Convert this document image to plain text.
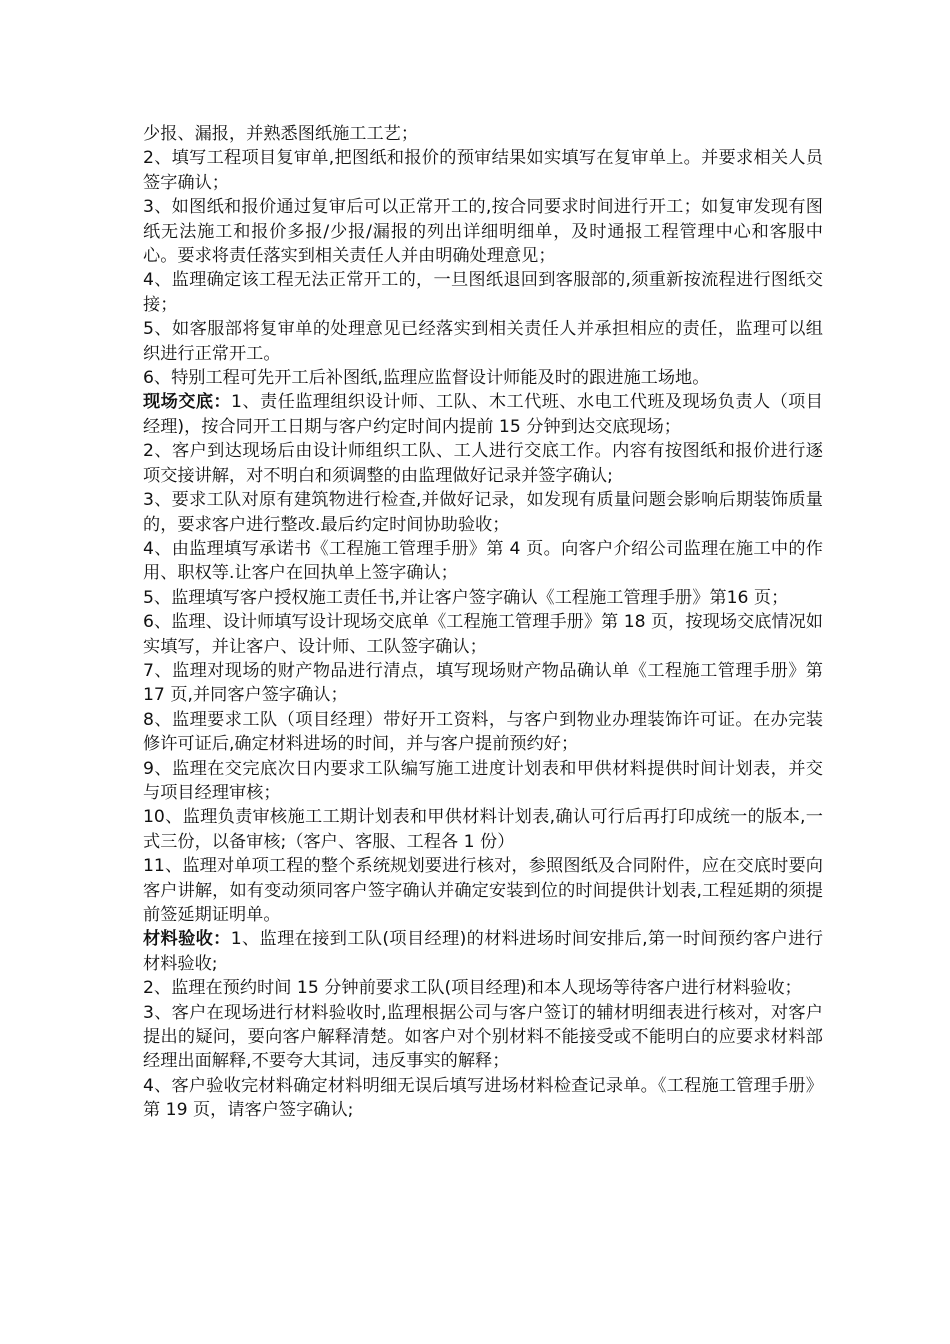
少报、漏报，并熟悉图纸施工工艺；

2、填写工程项目复审单,把图纸和报价的预审结果如实填写在复审单上。并要求相关人员签字确认；

3、如图纸和报价通过复审后可以正常开工的,按合同要求时间进行开工；如复审发现有图纸无法施工和报价多报/少报/漏报的列出详细明细单，及时通报工程管理中心和客服中心。要求将责任落实到相关责任人并由明确处理意见；

4、监理确定该工程无法正常开工的，一旦图纸退回到客服部的,须重新按流程进行图纸交接；

5、如客服部将复审单的处理意见已经落实到相关责任人并承担相应的责任，监理可以组织进行正常开工。

6、特别工程可先开工后补图纸,监理应监督设计师能及时的跟进施工场地。

现场交底：1、责任监理组织设计师、工队、木工代班、水电工代班及现场负责人（项目经理)，按合同开工日期与客户约定时间内提前 15 分钟到达交底现场；

2、客户到达现场后由设计师组织工队、工人进行交底工作。内容有按图纸和报价进行逐项交接讲解，对不明白和须调整的由监理做好记录并签字确认;

3、要求工队对原有建筑物进行检查,并做好记录，如发现有质量问题会影响后期装饰质量的，要求客户进行整改.最后约定时间协助验收；

4、由监理填写承诺书《工程施工管理手册》第 4 页。向客户介绍公司监理在施工中的作用、职权等.让客户在回执单上签字确认；

5、监理填写客户授权施工责任书,并让客户签字确认《工程施工管理手册》第16 页；

6、监理、设计师填写设计现场交底单《工程施工管理手册》第 18 页，按现场交底情况如实填写，并让客户、设计师、工队签字确认；

7、监理对现场的财产物品进行清点，填写现场财产物品确认单《工程施工管理手册》第 17 页,并同客户签字确认；

8、监理要求工队（项目经理）带好开工资料，与客户到物业办理装饰许可证。在办完装修许可证后,确定材料进场的时间，并与客户提前预约好；

9、监理在交完底次日内要求工队编写施工进度计划表和甲供材料提供时间计划表，并交与项目经理审核；

10、监理负责审核施工工期计划表和甲供材料计划表,确认可行后再打印成统一的版本,一式三份，以备审核;（客户、客服、工程各 1 份）

11、监理对单项工程的整个系统规划要进行核对，参照图纸及合同附件，应在交底时要向客户讲解，如有变动须同客户签字确认并确定安装到位的时间提供计划表,工程延期的须提前签延期证明单。

材料验收：1、监理在接到工队(项目经理)的材料进场时间安排后,第一时间预约客户进行材料验收;

2、监理在预约时间 15 分钟前要求工队(项目经理)和本人现场等待客户进行材料验收；

3、客户在现场进行材料验收时,监理根据公司与客户签订的辅材明细表进行核对，对客户提出的疑问，要向客户解释清楚。如客户对个别材料不能接受或不能明白的应要求材料部经理出面解释,不要夸大其词，违反事实的解释；

4、客户验收完材料确定材料明细无误后填写进场材料检查记录单。《工程施工管理手册》第 19 页，请客户签字确认;
